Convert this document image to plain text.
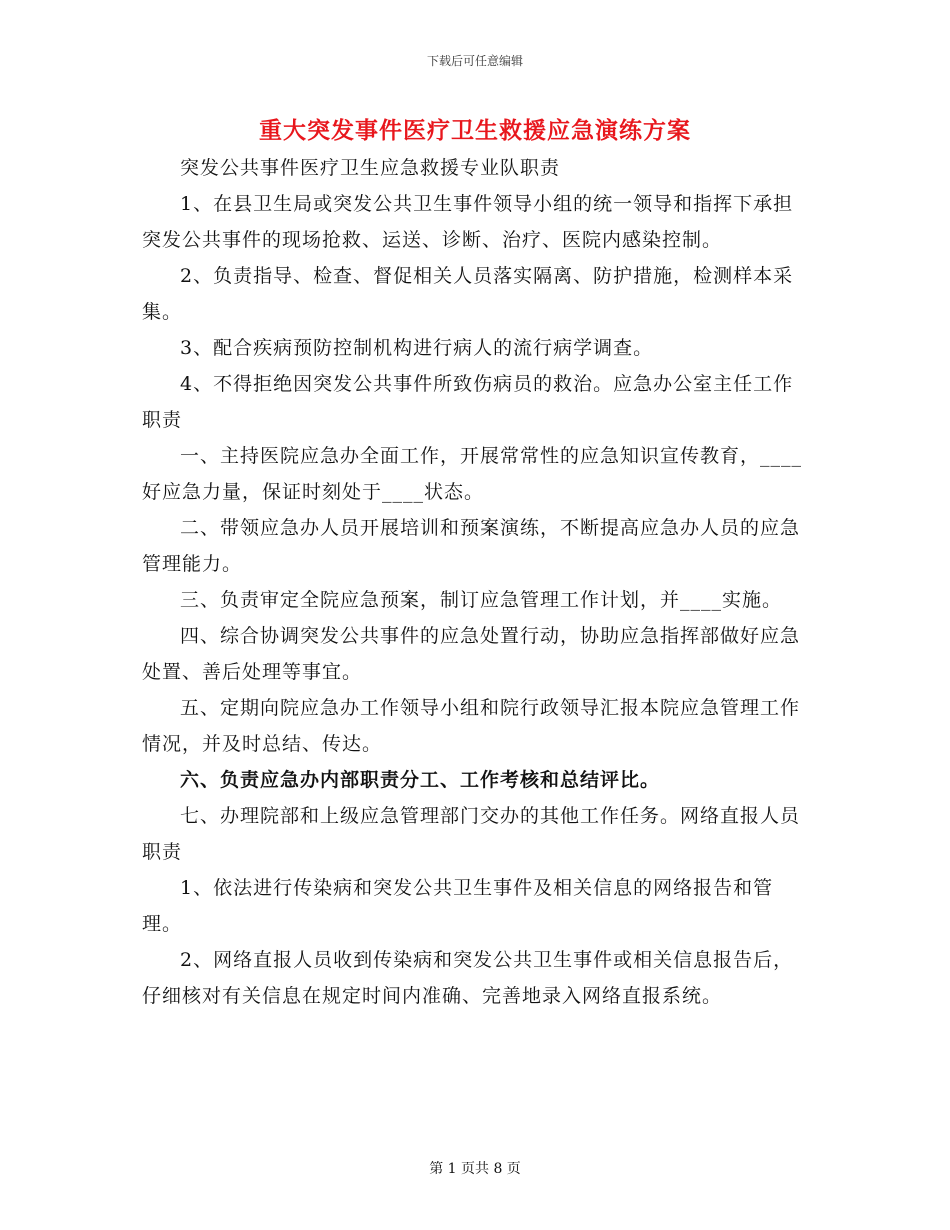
下载后可任意编辑
重大突发事件医疗卫生救援应急演练方案

突发公共事件医疗卫生应急救援专业队职责

1、在县卫生局或突发公共卫生事件领导小组的统一领导和指挥下承担突发公共事件的现场抢救、运送、诊断、治疗、医院内感染控制。

2、负责指导、检查、督促相关人员落实隔离、防护措施，检测样本采集。

3、配合疾病预防控制机构进行病人的流行病学调查。

4、不得拒绝因突发公共事件所致伤病员的救治。应急办公室主任工作职责

一、主持医院应急办全面工作，开展常常性的应急知识宣传教育，____好应急力量，保证时刻处于____状态。

二、带领应急办人员开展培训和预案演练，不断提高应急办人员的应急管理能力。

三、负责审定全院应急预案，制订应急管理工作计划，并____实施。

四、综合协调突发公共事件的应急处置行动，协助应急指挥部做好应急处置、善后处理等事宜。

五、定期向院应急办工作领导小组和院行政领导汇报本院应急管理工作情况，并及时总结、传达。

六、负责应急办内部职责分工、工作考核和总结评比。

七、办理院部和上级应急管理部门交办的其他工作任务。网络直报人员职责

1、依法进行传染病和突发公共卫生事件及相关信息的网络报告和管理。

2、网络直报人员收到传染病和突发公共卫生事件或相关信息报告后，仔细核对有关信息在规定时间内准确、完善地录入网络直报系统。

第 1 页共 8 页
